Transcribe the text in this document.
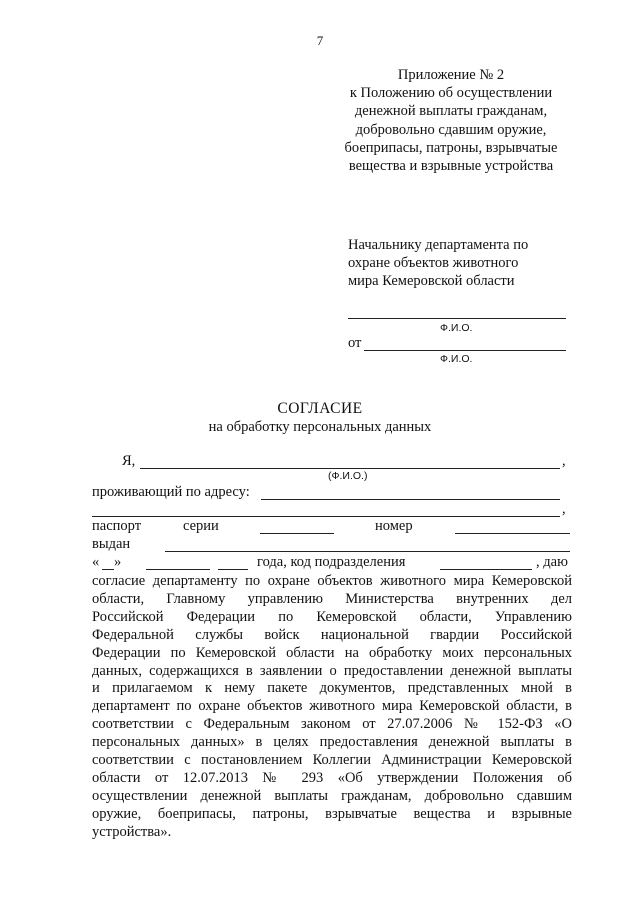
7
Приложение № 2
к Положению об осуществлении
денежной выплаты гражданам,
добровольно сдавшим оружие,
боеприпасы, патроны, взрывчатые
вещества и взрывные устройства
Начальнику департамента по
охране объектов животного
мира Кемеровской области
Ф.И.О.
от
Ф.И.О.
СОГЛАСИЕ
на обработку персональных данных
Я,	,
(Ф.И.О.)
проживающий по адресу:
,
паспорт	серии	номер
выдан
« »	года, код подразделения	, даю

согласие департаменту по охране объектов животного мира Кемеровской

области, Главному управлению Министерства внутренних дел

Российской Федерации по Кемеровской области, Управлению

Федеральной службы войск национальной гвардии Российской

Федерации по Кемеровской области на обработку моих персональных

данных, содержащихся в заявлении о предоставлении денежной выплаты

и прилагаемом к нему пакете документов, представленных мной в

департамент по охране объектов животного мира Кемеровской области, в

соответствии с Федеральным законом от 27.07.2006 № 152-ФЗ «О

персональных данных» в целях предоставления денежной выплаты в

соответствии с постановлением Коллегии Администрации Кемеровской

области от 12.07.2013 № 293 «Об утверждении Положения об

осуществлении денежной выплаты гражданам, добровольно сдавшим

оружие, боеприпасы, патроны, взрывчатые вещества и взрывные

устройства».
